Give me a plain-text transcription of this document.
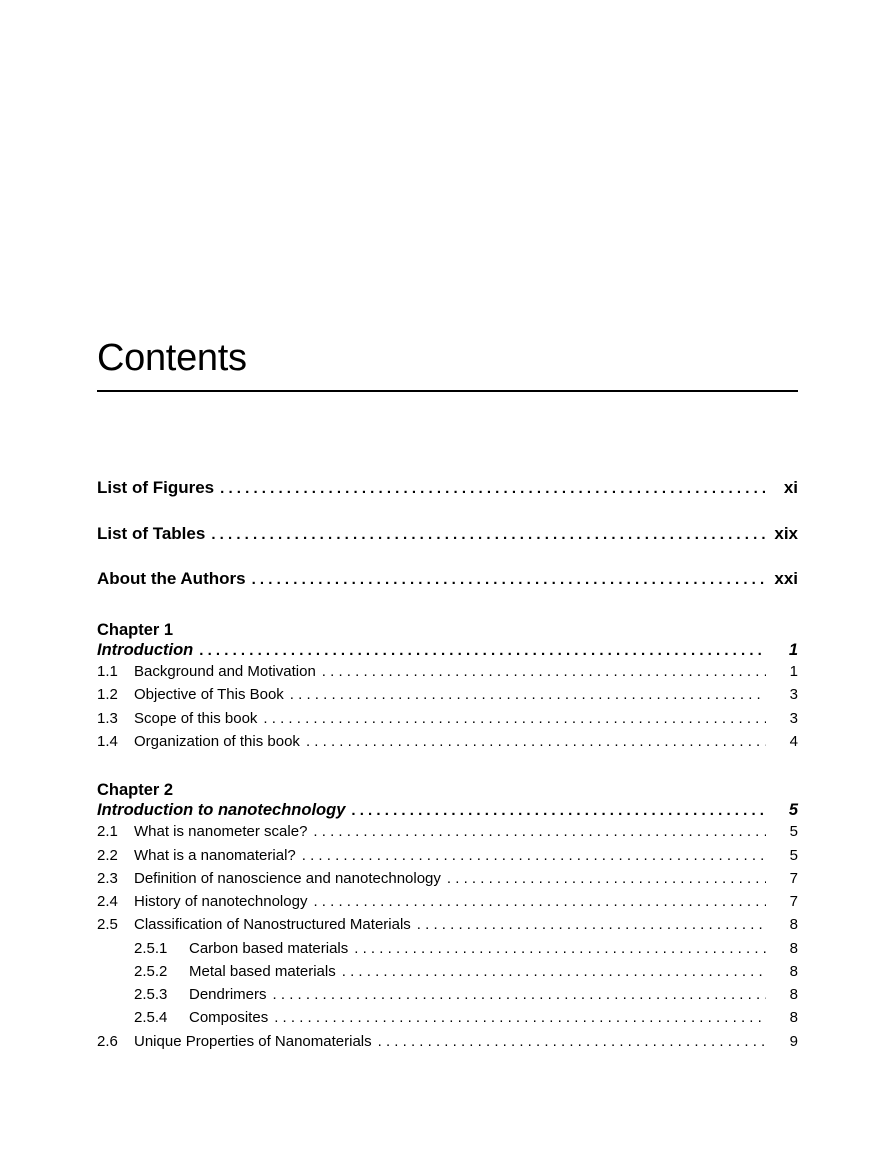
Contents
List of Figures . . .	xi
List of Tables . . .	xix
About the Authors . . .	xxi
Chapter 1
Introduction . . .	1
1.1 Background and Motivation . . .	1
1.2 Objective of This Book . . .	3
1.3 Scope of this book . . .	3
1.4 Organization of this book . . .	4
Chapter 2
Introduction to nanotechnology . . .	5
2.1 What is nanometer scale? . . .	5
2.2 What is a nanomaterial? . . .	5
2.3 Definition of nanoscience and nanotechnology . . .	7
2.4 History of nanotechnology . . .	7
2.5 Classification of Nanostructured Materials . . .	8
2.5.1 Carbon based materials . . .	8
2.5.2 Metal based materials . . .	8
2.5.3 Dendrimers . . .	8
2.5.4 Composites . . .	8
2.6 Unique Properties of Nanomaterials . . .	9
